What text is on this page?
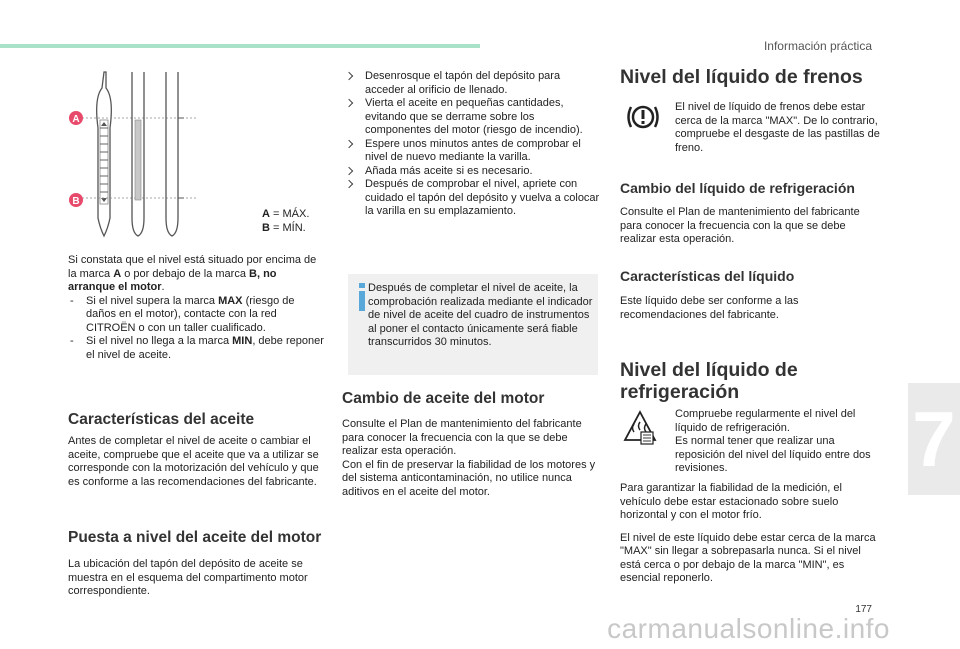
Información práctica
7
A
B
A = MÁX.
B = MÍN.

Si constata que el nivel está situado por encima de la marca A o por debajo de la marca B, no arranque el motor.

- Si el nivel supera la marca MAX (riesgo de daños en el motor), contacte con la red CITROËN o con un taller cualificado.

- Si el nivel no llega a la marca MIN, debe reponer el nivel de aceite.

Características del aceite

Antes de completar el nivel de aceite o cambiar el aceite, compruebe que el aceite que va a utilizar se corresponde con la motorización del vehículo y que es conforme a las recomendaciones del fabricante.

Puesta a nivel del aceite del motor

La ubicación del tapón del depósito de aceite se muestra en el esquema del compartimento motor correspondiente.

Desenrosque el tapón del depósito para acceder al orificio de llenado.

Vierta el aceite en pequeñas cantidades, evitando que se derrame sobre los componentes del motor (riesgo de incendio).

Espere unos minutos antes de comprobar el nivel de nuevo mediante la varilla.

Añada más aceite si es necesario.

Después de comprobar el nivel, apriete con cuidado el tapón del depósito y vuelva a colocar la varilla en su emplazamiento.

Después de completar el nivel de aceite, la comprobación realizada mediante el indicador de nivel de aceite del cuadro de instrumentos al poner el contacto únicamente será fiable transcurridos 30 minutos.

Cambio de aceite del motor

Consulte el Plan de mantenimiento del fabricante para conocer la frecuencia con la que se debe realizar esta operación.

Con el fin de preservar la fiabilidad de los motores y del sistema anticontaminación, no utilice nunca aditivos en el aceite del motor.

Nivel del líquido de frenos
El nivel de líquido de frenos debe estar cerca de la marca "MAX". De lo contrario, compruebe el desgaste de las pastillas de freno.
Cambio del líquido de refrigeración

Consulte el Plan de mantenimiento del fabricante para conocer la frecuencia con la que se debe realizar esta operación.

Características del líquido

Este líquido debe ser conforme a las recomendaciones del fabricante.

Nivel del líquido de
refrigeración

Compruebe regularmente el nivel del líquido de refrigeración.

Es normal tener que realizar una reposición del nivel del líquido entre dos revisiones.

Para garantizar la fiabilidad de la medición, el vehículo debe estar estacionado sobre suelo horizontal y con el motor frío.

El nivel de este líquido debe estar cerca de la marca "MAX" sin llegar a sobrepasarla nunca. Si el nivel está cerca o por debajo de la marca "MIN", es esencial reponerlo.

177
carmanualsonline.info
